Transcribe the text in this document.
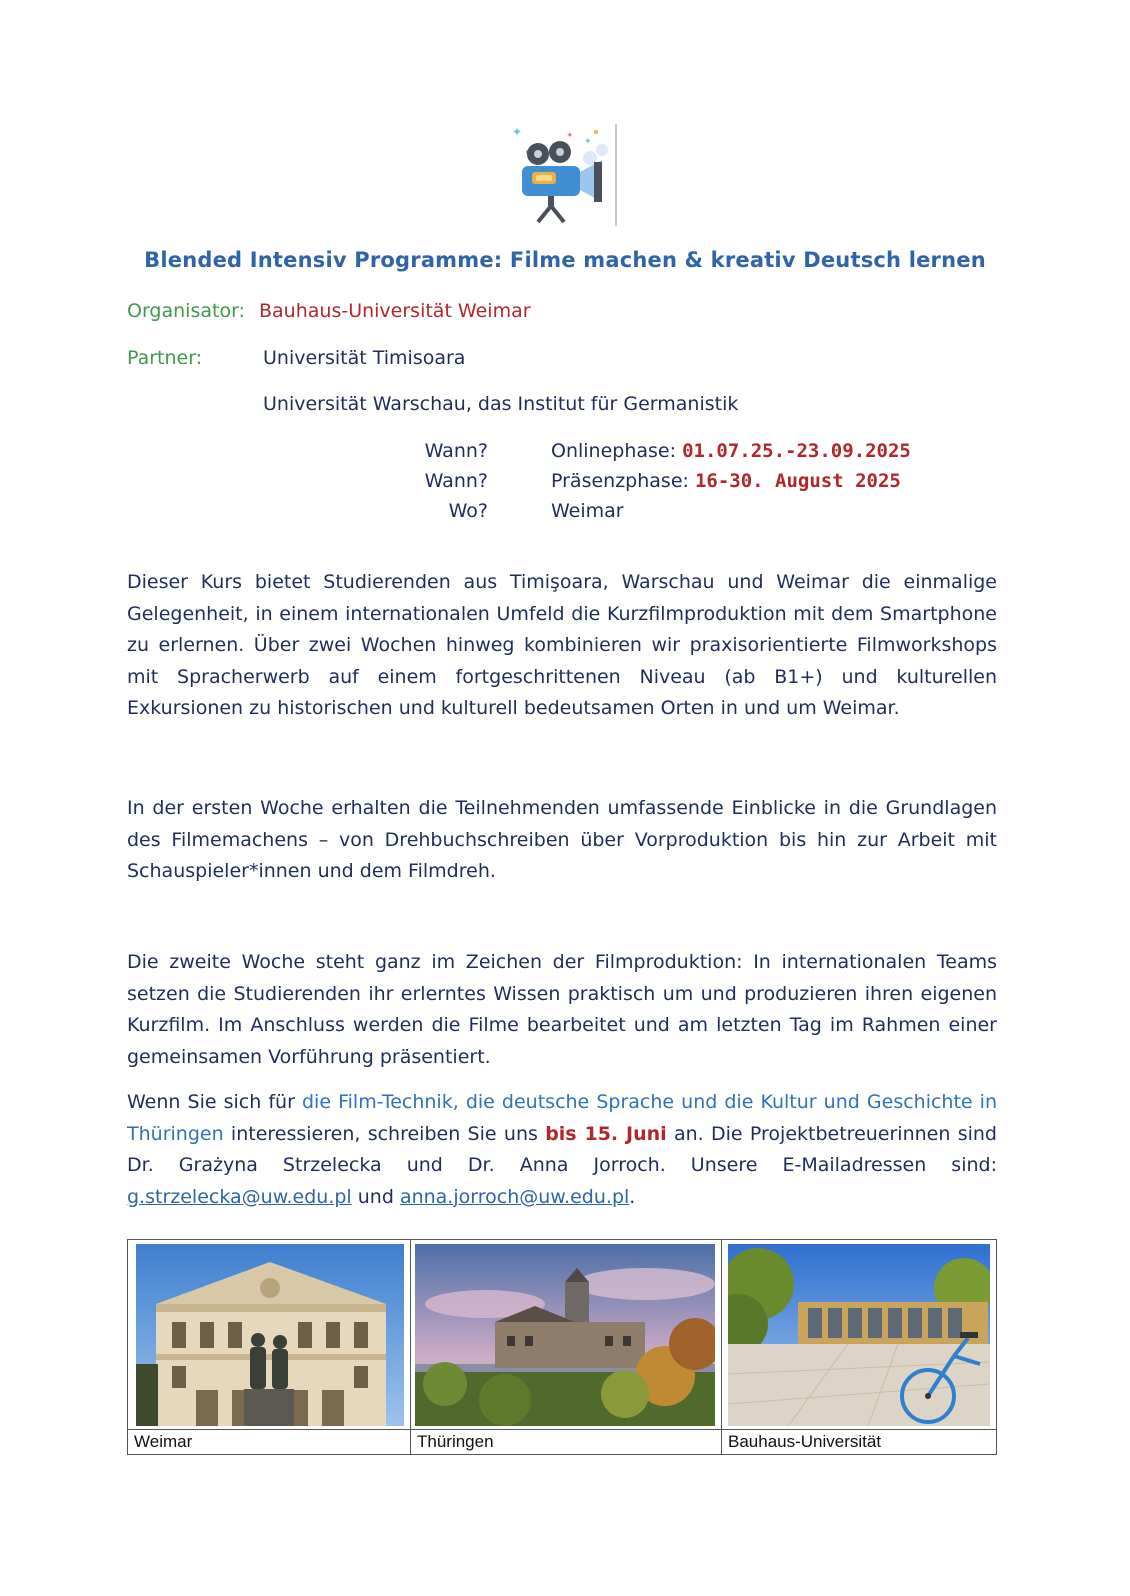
✦	✦
✦
Blended Intensiv Programme: Filme machen & kreativ Deutsch lernen
Organisator: Bauhaus-Universität Weimar
Partner:	Universität Timisoara
Universität Warschau, das Institut für Germanistik
Wann?	Onlinephase: 01.07.25.-23.09.2025
Wann?	Präsenzphase: 16-30. August 2025
Wo?	Weimar
Dieser Kurs bietet Studierenden aus Timişoara, Warschau und Weimar die einmalige Gelegenheit, in einem internationalen Umfeld die Kurzfilmproduktion mit dem Smartphone zu erlernen. Über zwei Wochen hinweg kombinieren wir praxisorientierte Filmworkshops mit Spracherwerb auf einem fortgeschrittenen Niveau (ab B1+) und kulturellen Exkursionen zu historischen und kulturell bedeutsamen Orten in und um Weimar.
In der ersten Woche erhalten die Teilnehmenden umfassende Einblicke in die Grundlagen des Filmemachens – von Drehbuchschreiben über Vorproduktion bis hin zur Arbeit mit Schauspieler*innen und dem Filmdreh.
Die zweite Woche steht ganz im Zeichen der Filmproduktion: In internationalen Teams setzen die Studierenden ihr erlerntes Wissen praktisch um und produzieren ihren eigenen Kurzfilm. Im Anschluss werden die Filme bearbeitet und am letzten Tag im Rahmen einer gemeinsamen Vorführung präsentiert.
Wenn Sie sich für die Film-Technik, die deutsche Sprache und die Kultur und Geschichte in Thüringen interessieren, schreiben Sie uns bis 15. Juni an. Die Projektbetreuerinnen sind Dr. Grażyna Strzelecka und Dr. Anna Jorroch. Unsere E-Mailadressen sind: g.strzelecka@uw.edu.pl und anna.jorroch@uw.edu.pl.
Weimar	Thüringen	Bauhaus-Universität
